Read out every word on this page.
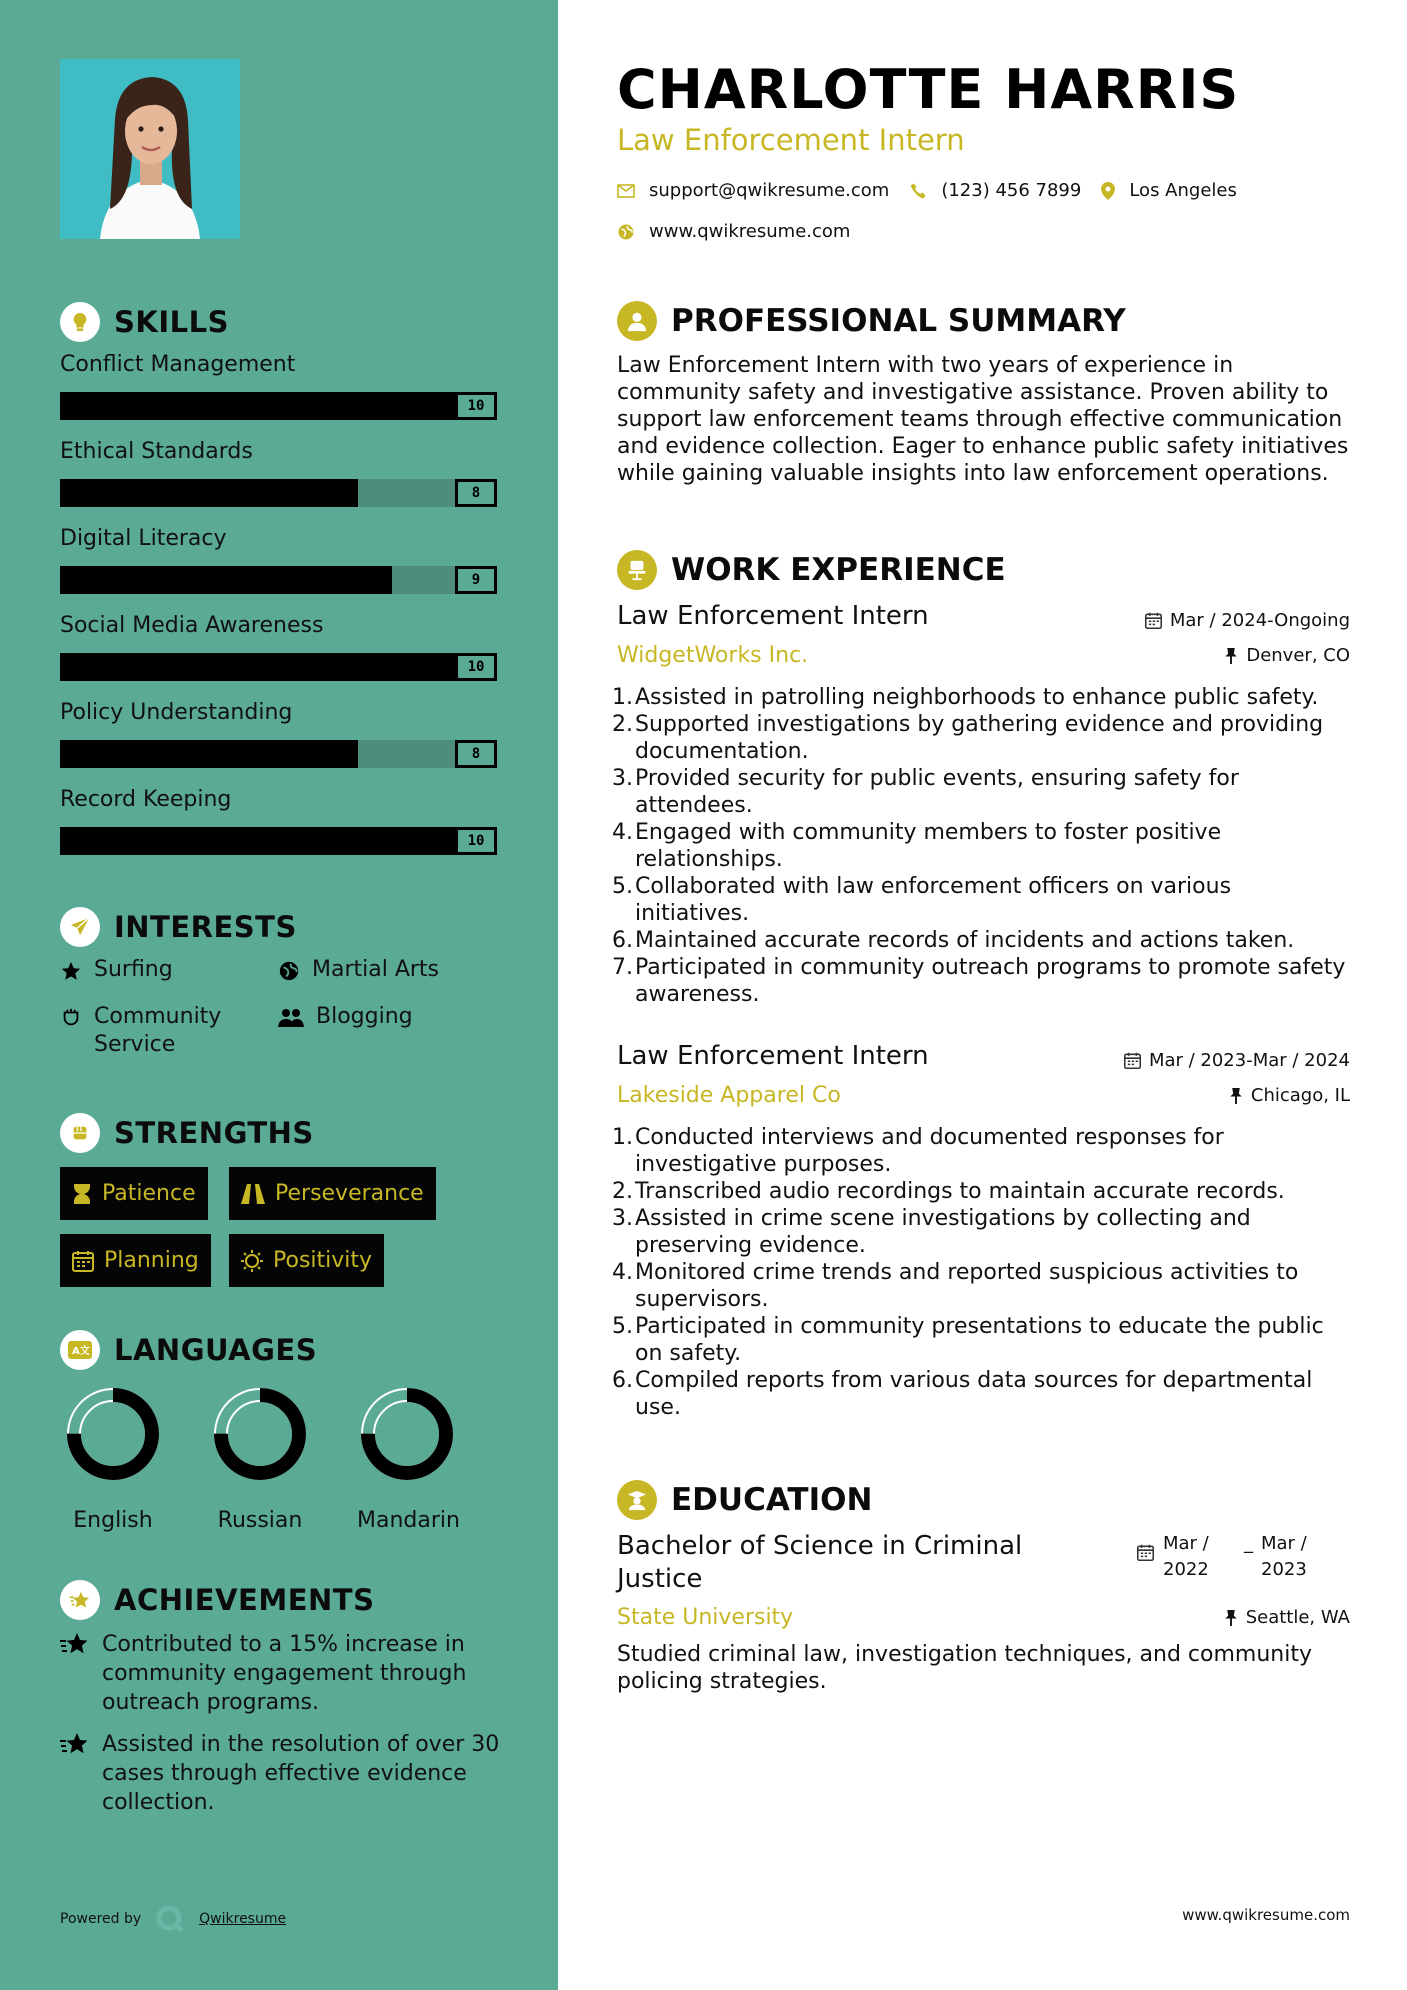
SKILLS
Conflict Management
10
Ethical Standards
8
Digital Literacy
9
Social Media Awareness
10
Policy Understanding
8
Record Keeping
10
INTERESTS
Surfing	Martial Arts
Community Service
Blogging
STRENGTHS
Patience	Perseverance
Planning	Positivity
A文 LANGUAGES
English	Russian	Mandarin
ACHIEVEMENTS
Contributed to a 15% increase in community engagement through outreach programs.
Assisted in the resolution of over 30 cases through effective evidence collection.
Powered by	Qwikresume
CHARLOTTE HARRIS
Law Enforcement Intern
support@qwikresume.com	(123) 456 7899	Los Angeles
www.qwikresume.com
PROFESSIONAL SUMMARY
Law Enforcement Intern with two years of experience in community safety and investigative assistance. Proven ability to support law enforcement teams through effective communication and evidence collection. Eager to enhance public safety initiatives while gaining valuable insights into law enforcement operations.
WORK EXPERIENCE
Law Enforcement Intern	Mar / 2024-Ongoing
WidgetWorks Inc.	Denver, CO
1. Assisted in patrolling neighborhoods to enhance public safety.
2. Supported investigations by gathering evidence and providing documentation.
3. Provided security for public events, ensuring safety for attendees.
4. Engaged with community members to foster positive relationships.
5. Collaborated with law enforcement officers on various initiatives.
6. Maintained accurate records of incidents and actions taken.
7. Participated in community outreach programs to promote safety awareness.
Law Enforcement Intern	Mar / 2023-Mar / 2024
Lakeside Apparel Co	Chicago, IL
1. Conducted interviews and documented responses for investigative purposes.
2. Transcribed audio recordings to maintain accurate records.
3. Assisted in crime scene investigations by collecting and preserving evidence.
4. Monitored crime trends and reported suspicious activities to supervisors.
5. Participated in community presentations to educate the public on safety.
6. Compiled reports from various data sources for departmental use.
EDUCATION
Bachelor of Science in Criminal Justice
Mar / 2022
_ Mar / 2023
State University	Seattle, WA
Studied criminal law, investigation techniques, and community policing strategies.
www.qwikresume.com
